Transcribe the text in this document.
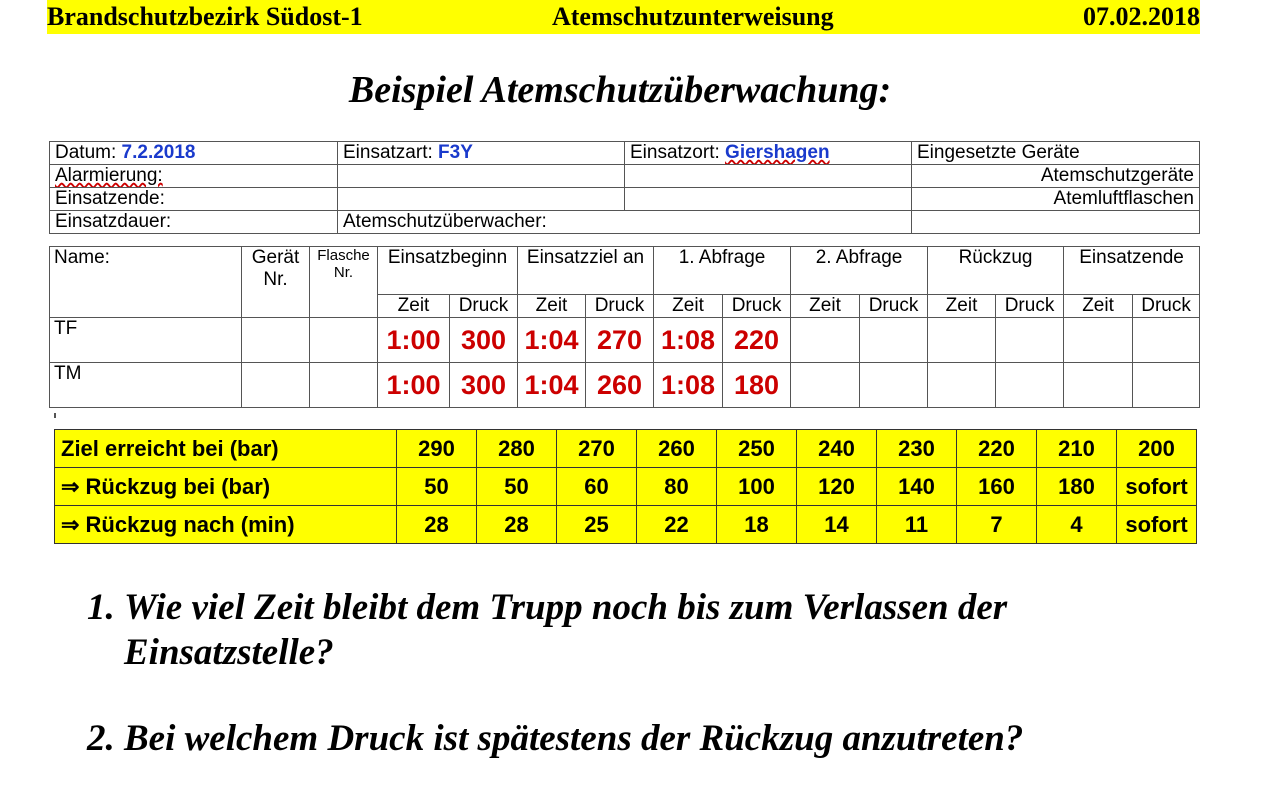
Brandschutzbezirk Südost-1	Atemschutzunterweisung	07.02.2018
Beispiel Atemschutzüberwachung:
Datum: 7.2.2018	Einsatzart: F3Y	Einsatzort: Giershagen	Eingesetzte Geräte
Alarmierung:			Atemschutzgeräte
Einsatzende:			Atemluftflaschen
Einsatzdauer:	Atemschutzüberwacher:		
Name:	Gerät Nr.	Flasche Nr.	Einsatzbeginn		Einsatzziel an		1. Abfrage		2. Abfrage		Rückzug		Einsatzende	
			Zeit	Druck	Zeit	Druck	Zeit	Druck	Zeit	Druck	Zeit	Druck	Zeit	Druck
TF			1:00	300	1:04	270	1:08	220						
TM			1:00	300	1:04	260	1:08	180						
Ziel erreicht bei (bar)	290	280	270	260	250	240	230	220	210	200
⇒ Rückzug bei (bar)	50	50	60	80	100	120	140	160	180	sofort
⇒ Rückzug nach (min)	28	28	25	22	18	14	11	7	4	sofort
1. Wie viel Zeit bleibt dem Trupp noch bis zum Verlassen der Einsatzstelle?
2. Bei welchem Druck ist spätestens der Rückzug anzutreten?
